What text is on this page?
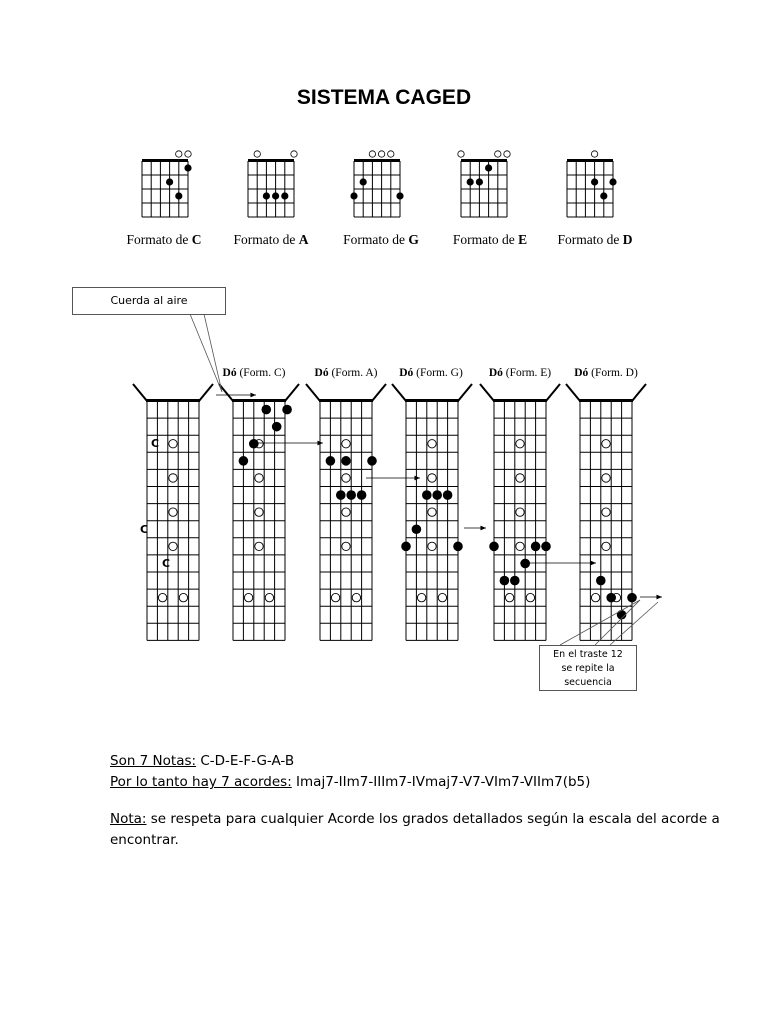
SISTEMA CAGED
Formato de C	Formato de A	Formato de G	Formato de E	Formato de D
Cuerda al aire
En el traste 12
se repite la
secuencia
Dó (Form. C)	Dó (Form. A)	Dó (Form. G)	Dó (Form. E)	Dó (Form. D)
C
C
C

Son 7 Notas: C-D-E-F-G-A-B

Por lo tanto hay 7 acordes: Imaj7-IIm7-IIIm7-IVmaj7-V7-VIm7-VIIm7(b5)

Nota: se respeta para cualquier Acorde los grados detallados según la escala del acorde a encontrar.
